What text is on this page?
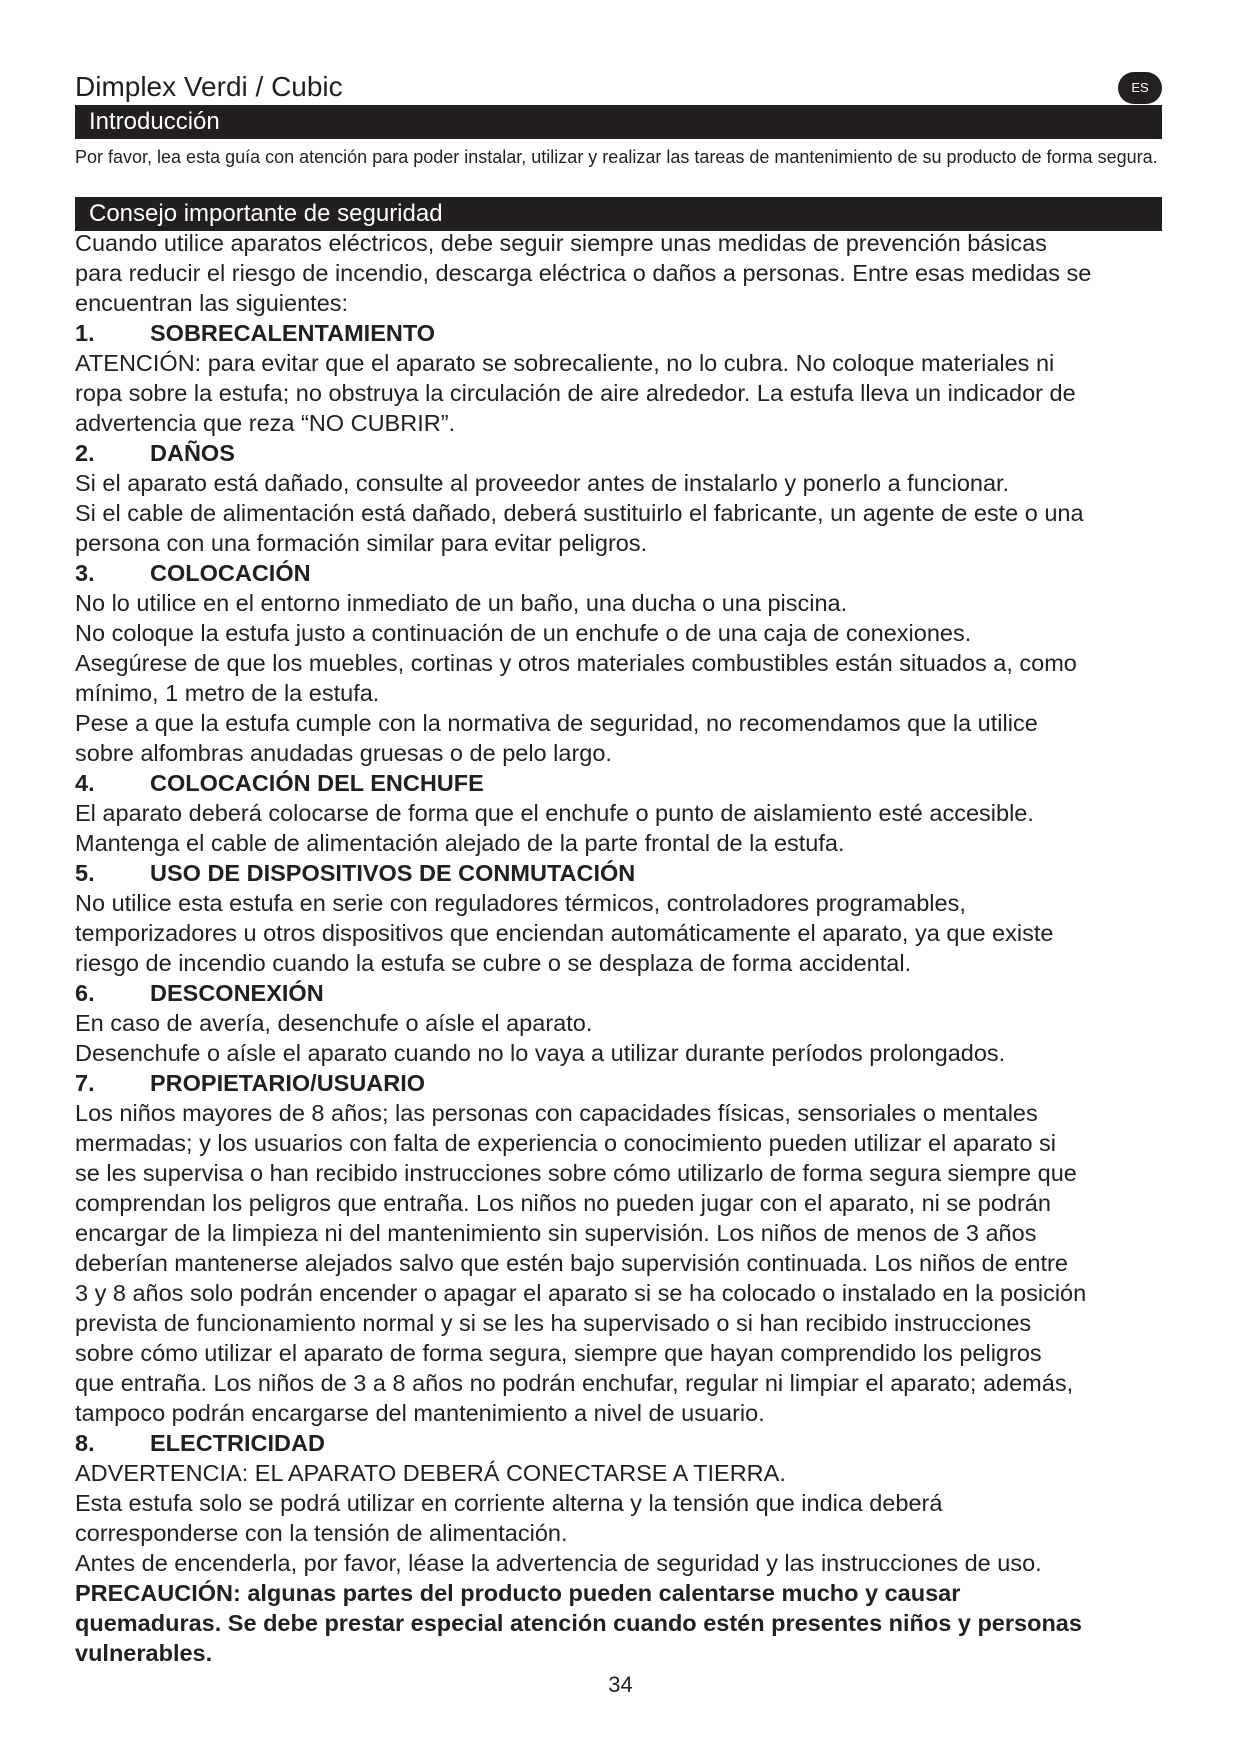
Dimplex Verdi / Cubic	ES
Introducción
Por favor, lea esta guía con atención para poder instalar, utilizar y realizar las tareas de mantenimiento de su producto de forma segura.
Consejo importante de seguridad

Cuando utilice aparatos eléctricos, debe seguir siempre unas medidas de prevención básicas

para reducir el riesgo de incendio, descarga eléctrica o daños a personas. Entre esas medidas se

encuentran las siguientes:

1.	SOBRECALENTAMIENTO

ATENCIÓN: para evitar que el aparato se sobrecaliente, no lo cubra. No coloque materiales ni

ropa sobre la estufa; no obstruya la circulación de aire alrededor. La estufa lleva un indicador de

advertencia que reza “NO CUBRIR”.

2.	DAÑOS

Si el aparato está dañado, consulte al proveedor antes de instalarlo y ponerlo a funcionar.

Si el cable de alimentación está dañado, deberá sustituirlo el fabricante, un agente de este o una

persona con una formación similar para evitar peligros.

3.	COLOCACIÓN

No lo utilice en el entorno inmediato de un baño, una ducha o una piscina.

No coloque la estufa justo a continuación de un enchufe o de una caja de conexiones.

Asegúrese de que los muebles, cortinas y otros materiales combustibles están situados a, como

mínimo, 1 metro de la estufa.

Pese a que la estufa cumple con la normativa de seguridad, no recomendamos que la utilice

sobre alfombras anudadas gruesas o de pelo largo.

4.	COLOCACIÓN DEL ENCHUFE

El aparato deberá colocarse de forma que el enchufe o punto de aislamiento esté accesible.

Mantenga el cable de alimentación alejado de la parte frontal de la estufa.

5.	USO DE DISPOSITIVOS DE CONMUTACIÓN

No utilice esta estufa en serie con reguladores térmicos, controladores programables,

temporizadores u otros dispositivos que enciendan automáticamente el aparato, ya que existe

riesgo de incendio cuando la estufa se cubre o se desplaza de forma accidental.

6.	DESCONEXIÓN

En caso de avería, desenchufe o aísle el aparato.

Desenchufe o aísle el aparato cuando no lo vaya a utilizar durante períodos prolongados.

7.	PROPIETARIO/USUARIO

Los niños mayores de 8 años; las personas con capacidades físicas, sensoriales o mentales

mermadas; y los usuarios con falta de experiencia o conocimiento pueden utilizar el aparato si

se les supervisa o han recibido instrucciones sobre cómo utilizarlo de forma segura siempre que

comprendan los peligros que entraña. Los niños no pueden jugar con el aparato, ni se podrán

encargar de la limpieza ni del mantenimiento sin supervisión. Los niños de menos de 3 años

deberían mantenerse alejados salvo que estén bajo supervisión continuada. Los niños de entre

3 y 8 años solo podrán encender o apagar el aparato si se ha colocado o instalado en la posición

prevista de funcionamiento normal y si se les ha supervisado o si han recibido instrucciones

sobre cómo utilizar el aparato de forma segura, siempre que hayan comprendido los peligros

que entraña. Los niños de 3 a 8 años no podrán enchufar, regular ni limpiar el aparato; además,

tampoco podrán encargarse del mantenimiento a nivel de usuario.

8.	ELECTRICIDAD

ADVERTENCIA: EL APARATO DEBERÁ CONECTARSE A TIERRA.

Esta estufa solo se podrá utilizar en corriente alterna y la tensión que indica deberá

corresponderse con la tensión de alimentación.

Antes de encenderla, por favor, léase la advertencia de seguridad y las instrucciones de uso.

PRECAUCIÓN: algunas partes del producto pueden calentarse mucho y causar

quemaduras. Se debe prestar especial atención cuando estén presentes niños y personas

vulnerables.

34
